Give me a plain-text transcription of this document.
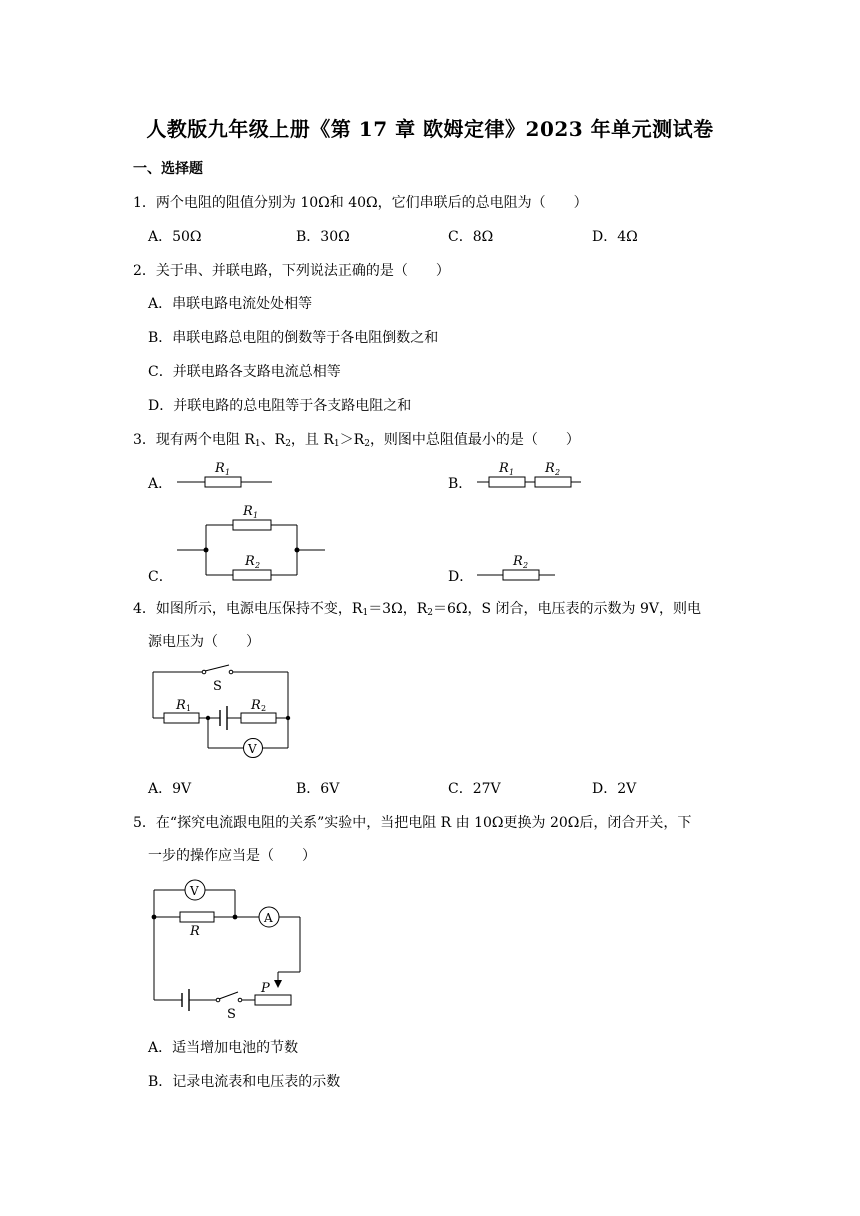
人教版九年级上册《第 17 章 欧姆定律》2023 年单元测试卷
一、选择题
1．两个电阻的阻值分别为 10Ω和 40Ω，它们串联后的总电阻为（　　）
A．50Ω	B．30Ω	C．8Ω	D．4Ω
2．关于串、并联电路，下列说法正确的是（　　）
A．串联电路电流处处相等
B．串联电路总电阻的倒数等于各电阻倒数之和
C．并联电路各支路电流总相等
D．并联电路的总电阻等于各支路电阻之和
3．现有两个电阻 $R_1$、$R_2$，且 $R_1>R_2$，则图中总阻值最小的是（　　）
A．
R 1
B．
R 1 R 2
C．
R 1
R 2
D．
R 2
4．如图所示，电源电压保持不变，$R_1=3\Omega$，$R_2=6\Omega$，S 闭合，电压表的示数为 9V，则电
源电压为（　　）
V
S
R 1	R 2
A．9V	B．6V	C．27V	D．2V
5．在“探究电流跟电阻的关系”实验中，当把电阻 R 由 10Ω更换为 20Ω后，闭合开关，下
一步的操作应当是（　　）
V
R
A
S
P
A．适当增加电池的节数
B．记录电流表和电压表的示数
